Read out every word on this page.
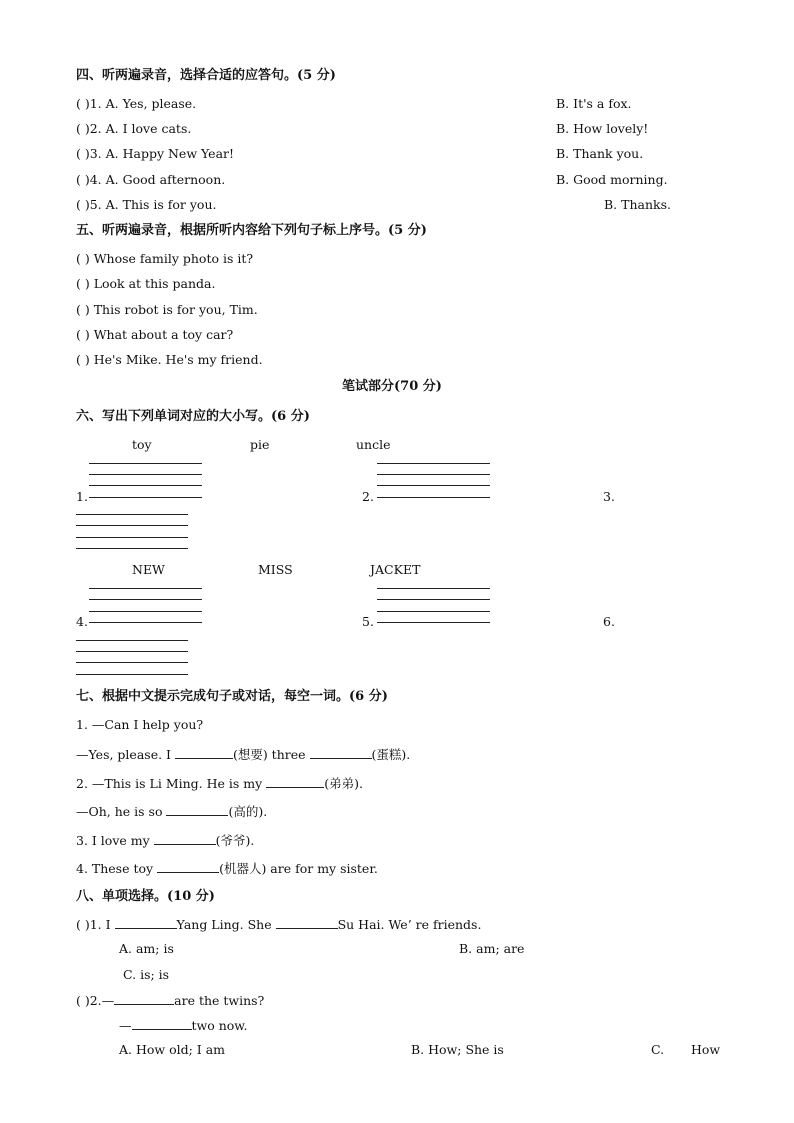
四、听两遍录音，选择合适的应答句。(5 分)
( )1. A. Yes, please.	B. It's a fox.
( )2. A. I love cats.	B. How lovely!
( )3. A. Happy New Year!	B. Thank you.
( )4. A. Good afternoon.	B. Good morning.
( )5. A. This is for you.	B. Thanks.
五、听两遍录音，根据所听内容给下列句子标上序号。(5 分)
( ) Whose family photo is it?
( ) Look at this panda.
( ) This robot is for you, Tim.
( ) What about a toy car?
( ) He's Mike. He's my friend.
笔试部分(70 分)
六、写出下列单词对应的大小写。(6 分)
toy	pie	uncle
1.	2.	3.
NEW	MISS	JACKET
4.	5.	6.
七、根据中文提示完成句子或对话，每空一词。(6 分)
1. —Can I help you?
—Yes, please. I	(想要) three	(蛋糕).
2. —This is Li Ming. He is my	(弟弟).
—Oh, he is so	(高的).
3. I love my	(爷爷).
4. These toy	(机器人) are for my sister.
八、单项选择。(10 分)
( )1. I	Yang Ling. She	Su Hai. We’ re friends.
A. am; is	B. am; are
C. is; is
( )2.—	are the twins?
—	two now.
A. How old; I am	B. How; She is	C. How
